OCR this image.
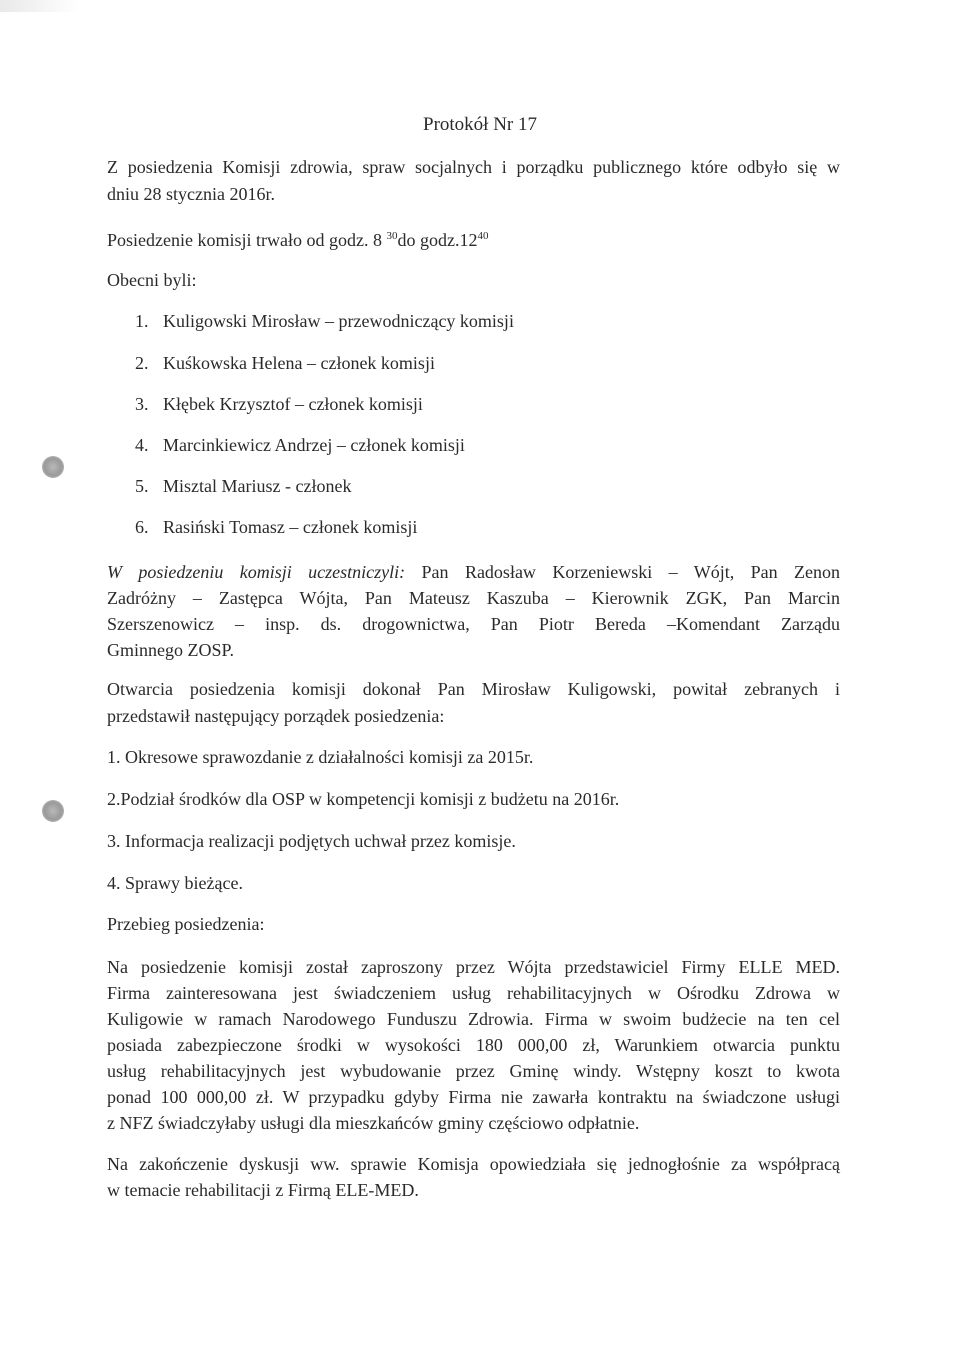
Protokół Nr 17
Z posiedzenia Komisji zdrowia, spraw socjalnych i porządku publicznego które odbyło się w
dniu 28 stycznia 2016r.
Posiedzenie komisji trwało od godz. 8 $^{30}$do $godz.12^{40}$
Obecni byli:
1. Kuligowski Mirosław – przewodniczący komisji
2. Kuśkowska Helena – członek komisji
3. Kłębek Krzysztof – członek komisji
4. Marcinkiewicz Andrzej – członek komisji
5. Misztal Mariusz - członek
6. Rasiński Tomasz – członek komisji
W posiedzeniu komisji uczestniczyli: Pan Radosław Korzeniewski – Wójt, Pan Zenon
Zadróżny – Zastępca Wójta, Pan Mateusz Kaszuba – Kierownik ZGK, Pan Marcin
Szerszenowicz – insp. ds. drogownictwa, Pan Piotr Bereda –Komendant Zarządu
Gminnego ZOSP.
Otwarcia posiedzenia komisji dokonał Pan Mirosław Kuligowski, powitał zebranych i
przedstawił następujący porządek posiedzenia:
1. Okresowe sprawozdanie z działalności komisji za 2015r.
2.Podział środków dla OSP w kompetencji komisji z budżetu na 2016r.
3. Informacja realizacji podjętych uchwał przez komisje.
4. Sprawy bieżące.
Przebieg posiedzenia:
Na posiedzenie komisji został zaproszony przez Wójta przedstawiciel Firmy ELLE MED.
Firma zainteresowana jest świadczeniem usług rehabilitacyjnych w Ośrodku Zdrowa w
Kuligowie w ramach Narodowego Funduszu Zdrowia. Firma w swoim budżecie na ten cel
posiada zabezpieczone środki w wysokości 180 000,00 zł, Warunkiem otwarcia punktu
usług rehabilitacyjnych jest wybudowanie przez Gminę windy. Wstępny koszt to kwota
ponad 100 000,00 zł. W przypadku gdyby Firma nie zawarła kontraktu na świadczone usługi
z NFZ świadczyłaby usługi dla mieszkańców gminy częściowo odpłatnie.
Na zakończenie dyskusji ww. sprawie Komisja opowiedziała się jednogłośnie za współpracą
w temacie rehabilitacji z Firmą ELE-MED.
